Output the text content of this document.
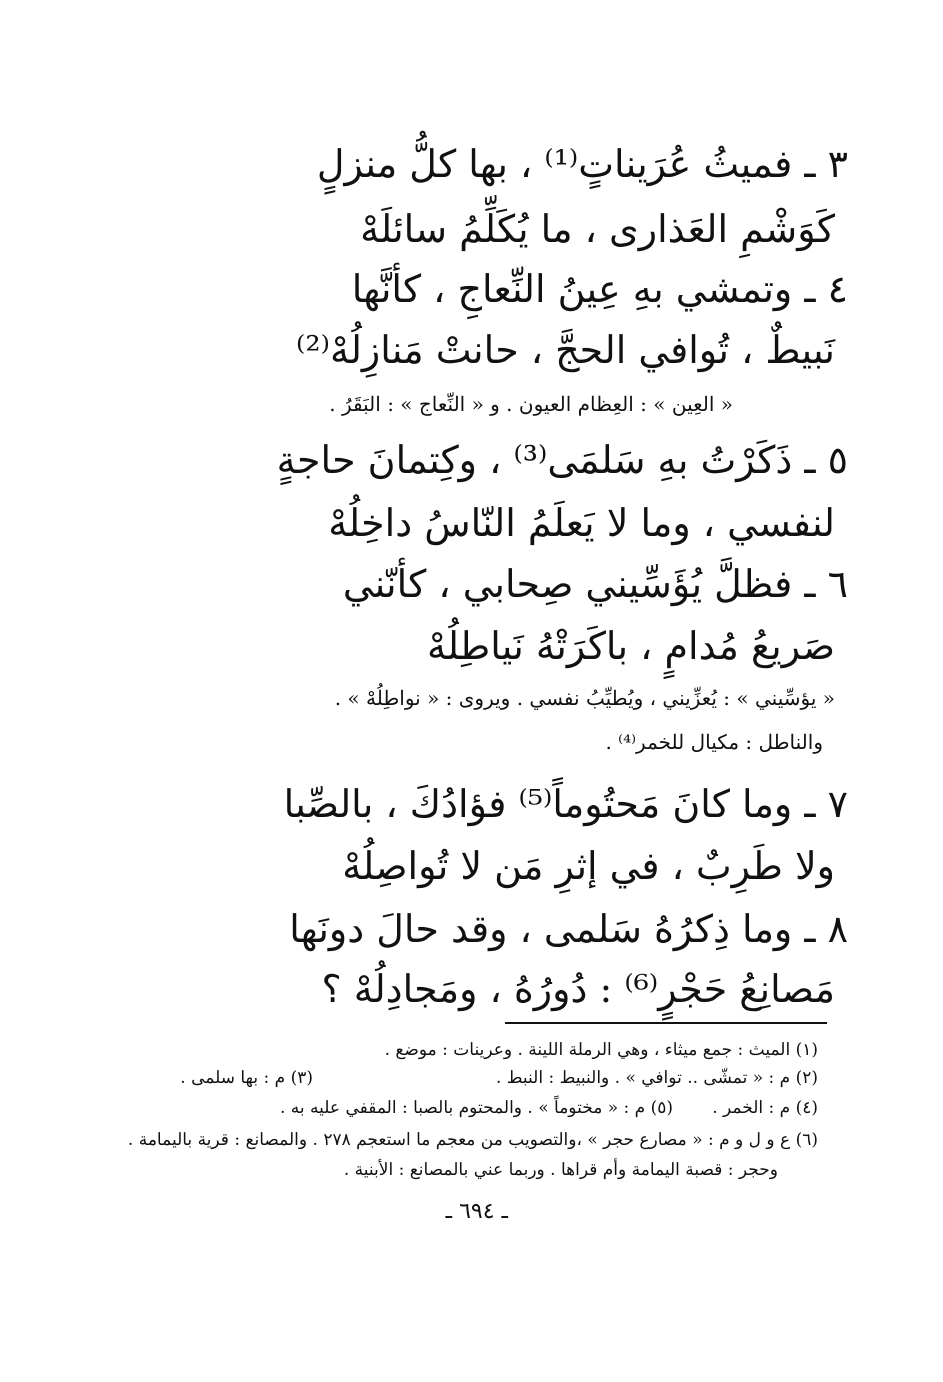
٣ ـ فميثُ عُرَيناتٍ⁽¹⁾ ، بها كلُّ منزلٍ
كَوَشْمِ العَذارى ، ما يُكَلِّمُ سائلَهْ
٤ ـ وتمشي بهِ عِينُ النِّعاجِ ، كأنَّها
نَبيطٌ ، تُوافي الحجَّ ، حانتْ مَنازِلُهْ⁽²⁾
« العِين » : العِظام العيون . و « النِّعاج » : البَقَرُ .
٥ ـ ذَكَرْتُ بهِ سَلمَى⁽³⁾ ، وكِتمانَ حاجةٍ
لنفسي ، وما لا يَعلَمُ النّاسُ داخِلُهْ
٦ ـ فظلَّ يُؤَسِّيني صِحابي ، كأنّني
صَريعُ مُدامٍ ، باكَرَتْهُ نَياطِلُهْ
« يؤسِّيني » : يُعزِّيني ، ويُطيِّبُ نفسي . ويروى : « نواطِلُهْ » .
والناطل : مكيال للخمر⁽⁴⁾ .
٧ ـ وما كانَ مَحتُوماً⁽⁵⁾ فؤادُكَ ، بالصِّبا
ولا طَرِبٌ ، في إثرِ مَن لا تُواصِلُهْ
٨ ـ وما ذِكرُهُ سَلمى ، وقد حالَ دونَها
مَصانِعُ حَجْرٍ⁽⁶⁾ : دُورُهُ ، ومَجادِلُهْ ؟
(١) الميث : جمع ميثاء ، وهي الرملة اللينة . وعرينات : موضع .
(٢) م : « تمشّى .. توافي » . والنبيط : النبط .
(٣) م : بها سلمى .
(٤) م : الخمر .
(٥) م : « مختوماً » . والمحتوم بالصبا : المقفي عليه به .
(٦) ع و ل و م : « مصارع حجر » ،والتصويب من معجم ما استعجم ٢٧٨ . والمصانع : قرية باليمامة .
وحجر : قصبة اليمامة وأم قراها . وربما عني بالمصانع : الأبنية .
ـ ٦٩٤ ـ
